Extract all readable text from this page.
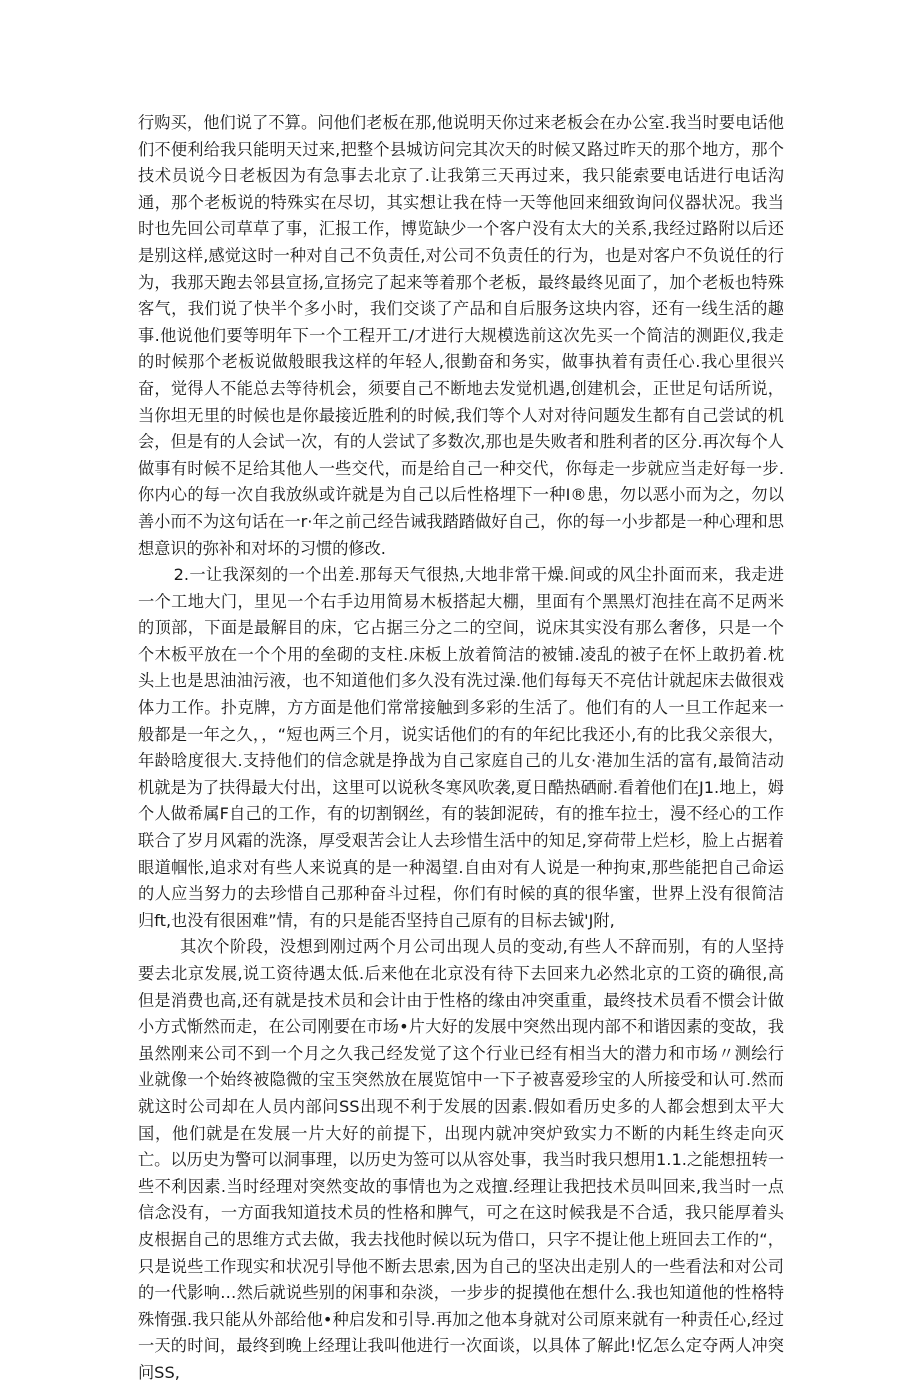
行购买，他们说了不算。问他们老板在那,他说明天你过来老板会在办公室.我当时要电话他们不便利给我只能明天过来,把整个县城访问完其次天的时候又路过昨天的那个地方，那个技术员说今日老板因为有急事去北京了.让我第三天再过来，我只能索要电话进行电话沟通，那个老板说的特殊实在尽切，其实想让我在恃一天等他回来细致询问仪器状况。我当时也先回公司草草了事，汇报工作，博览缺少一个客户没有太大的关系,我经过路附以后还是别这样,感觉这时一种对自己不负责任,对公司不负责任的行为，也是对客户不负说任的行为，我那天跑去邻县宣扬,宣扬完了起来等着那个老板，最终最终见面了，加个老板也特殊客气，我们说了快半个多小时，我们交谈了产品和自后服务这块内容，还有一线生活的趣事.他说他们要等明年下一个工程开工/才进行大规模选前这次先买一个简洁的测距仪,我走的时候那个老板说做般眼我这样的年轻人,很勤奋和务实，做事执着有责任心.我心里很兴奋，觉得人不能总去等待机会，须要自己不断地去发觉机遇,创建机会，正世足句话所说，当你坦无里的时候也是你最接近胜利的时候,我们等个人对对待问题发生都有自己尝试的机会，但是有的人会试一次，有的人尝试了多数次,那也是失败者和胜利者的区分.再次每个人做事有时候不足给其他人一些交代，而是给自己一种交代，你每走一步就应当走好每一步.你内心的每一次自我放纵或许就是为自己以后性格埋下一种I®患，勿以恶小而为之，勿以善小而不为这句话在一r·年之前己经告诫我踏踏做好自己，你的每一小步都是一种心理和思想意识的弥补和对坏的习惯的修改.

2.一让我深刻的一个出差.那每天气很热,大地非常干燥.间或的风尘扑面而来，我走进一个工地大门，里见一个右手边用简易木板搭起大棚，里面有个黑黑灯泡挂在高不足两米的顶部，下面是最解目的床，它占据三分之二的空间，说床其实没有那么奢侈，只是一个个木板平放在一个个用的垒砌的支柱.床板上放着简洁的被铺.凌乱的被子在怀上敢扔着.枕头上也是思油油污液，也不知道他们多久没有洗过澡.他们每每天不亮估计就起床去做很戏体力工作。扑克牌，方方面是他们常常接触到多彩的生活了。他们有的人一旦工作起来一般都是一年之久，，“短也两三个月，说实话他们的有的年纪比我还小,有的比我父亲很大，年龄晗度很大.支持他们的信念就是挣战为自己家庭自己的儿女·港加生活的富有,最简洁动机就是为了扶得最大付出，这里可以说秋冬寒风吹袭,夏日酷热硒耐.看着他们在J1.地上，姆个人做希属F自己的工作，有的切割钢丝，有的装卸泥砖，有的推车拉士，漫不经心的工作联合了岁月风霜的洗涤，厚受艰苦会让人去珍惜生活中的知足,穿荷带上烂杉，脸上占据着眼道帼怅,追求对有些人来说真的是一种渴望.自由对有人说是一种拘束,那些能把自己命运的人应当努力的去珍惜自己那种奋斗过程，你们有时候的真的很华蜜，世界上没有很简洁归ft,也没有很困难”情，有的只是能否坚持自己原有的目标去铖'J附,

其次个阶段，没想到刚过两个月公司出现人员的变动,有些人不辞而别，有的人坚持要去北京发展,说工资待遇太低.后来他在北京没有待下去回来九必然北京的工资的确很,高但是消费也高,还有就是技术员和会计由于性格的缘由冲突重重，最终技术员看不惯会计做小方式惭然而走，在公司刚要在市场•片大好的发展中突然出现内部不和谐因素的变故，我虽然刚来公司不到一个月之久我己经发觉了这个行业已经有相当大的潜力和市场〃测绘行业就像一个始终被隐微的宝玉突然放在展览馆中一下子被喜爱珍宝的人所接受和认可.然而就这时公司却在人员内部问SS出现不利于发展的因素.假如看历史多的人都会想到太平大国，他们就是在发展一片大好的前提下，出现内就冲突炉致实力不断的内耗生终走向灭亡。以历史为警可以洞事理，以历史为签可以从容处事，我当时我只想用1.1.之能想扭转一些不利因素.当时经理对突然变故的事情也为之戏擅.经理让我把技术员叫回来,我当时一点信念没有，一方面我知道技术员的性格和脾气，可之在这时候我是不合适，我只能厚着头皮根据自己的思维方式去做，我去找他时候以玩为借口，只字不提让他上班回去工作的“，只是说些工作现实和状况引导他不断去思索,因为自己的坚决出走别人的一些看法和对公司的一代影响…然后就说些别的闲事和杂淡，一步步的捉摸他在想什么.我也知道他的性格特殊惰强.我只能从外部给他•种启发和引导.再加之他本身就对公司原来就有一种责任心,经过一天的时间，最终到晚上经理让我叫他进行一次面谈，以具体了解此!忆怎么定夺两人冲突问SS,
